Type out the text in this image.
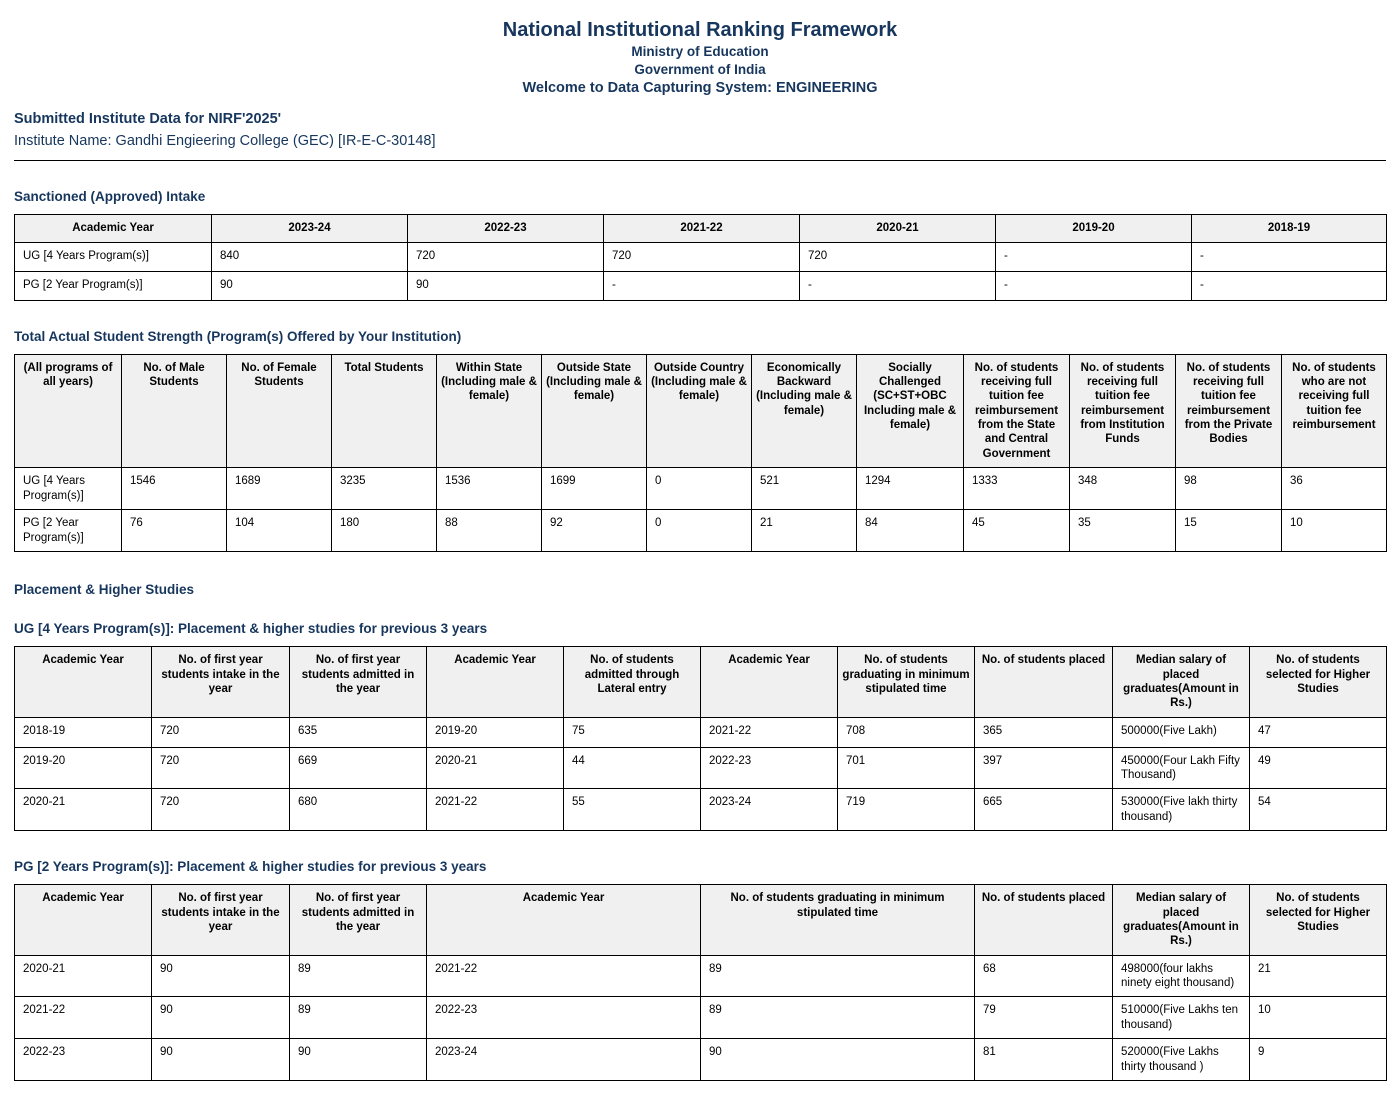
National Institutional Ranking Framework
Ministry of Education
Government of India
Welcome to Data Capturing System: ENGINEERING
Submitted Institute Data for NIRF'2025'
Institute Name: Gandhi Engieering College (GEC) [IR-E-C-30148]
Sanctioned (Approved) Intake
Academic Year	2023-24	2022-23	2021-22	2020-21	2019-20	2018-19
UG [4 Years Program(s)]	840	720	720	720	-	-
PG [2 Year Program(s)]	90	90	-	-	-	-
Total Actual Student Strength (Program(s) Offered by Your Institution)
(All programs of all years)	No. of Male Students	No. of Female Students	Total Students	Within State (Including male & female)	Outside State (Including male & female)	Outside Country (Including male & female)	Economically Backward (Including male & female)	Socially Challenged (SC+ST+OBC Including male & female)	No. of students receiving full tuition fee reimbursement from the State and Central Government	No. of students receiving full tuition fee reimbursement from Institution Funds	No. of students receiving full tuition fee reimbursement from the Private Bodies	No. of students who are not receiving full tuition fee reimbursement
UG [4 Years Program(s)]	1546	1689	3235	1536	1699	0	521	1294	1333	348	98	36
PG [2 Year Program(s)]	76	104	180	88	92	0	21	84	45	35	15	10
Placement & Higher Studies
UG [4 Years Program(s)]: Placement & higher studies for previous 3 years
Academic Year	No. of first year students intake in the year	No. of first year students admitted in the year	Academic Year	No. of students admitted through Lateral entry	Academic Year	No. of students graduating in minimum stipulated time	No. of students placed	Median salary of placed graduates(Amount in Rs.)	No. of students selected for Higher Studies
2018-19	720	635	2019-20	75	2021-22	708	365	500000(Five Lakh)	47
2019-20	720	669	2020-21	44	2022-23	701	397	450000(Four Lakh Fifty Thousand)	49
2020-21	720	680	2021-22	55	2023-24	719	665	530000(Five lakh thirty thousand)	54
PG [2 Years Program(s)]: Placement & higher studies for previous 3 years
Academic Year	No. of first year students intake in the year	No. of first year students admitted in the year	Academic Year	No. of students graduating in minimum stipulated time	No. of students placed	Median salary of placed graduates(Amount in Rs.)	No. of students selected for Higher Studies
2020-21	90	89	2021-22	89	68	498000(four lakhs ninety eight thousand)	21
2021-22	90	89	2022-23	89	79	510000(Five Lakhs ten thousand)	10
2022-23	90	90	2023-24	90	81	520000(Five Lakhs thirty thousand )	9
